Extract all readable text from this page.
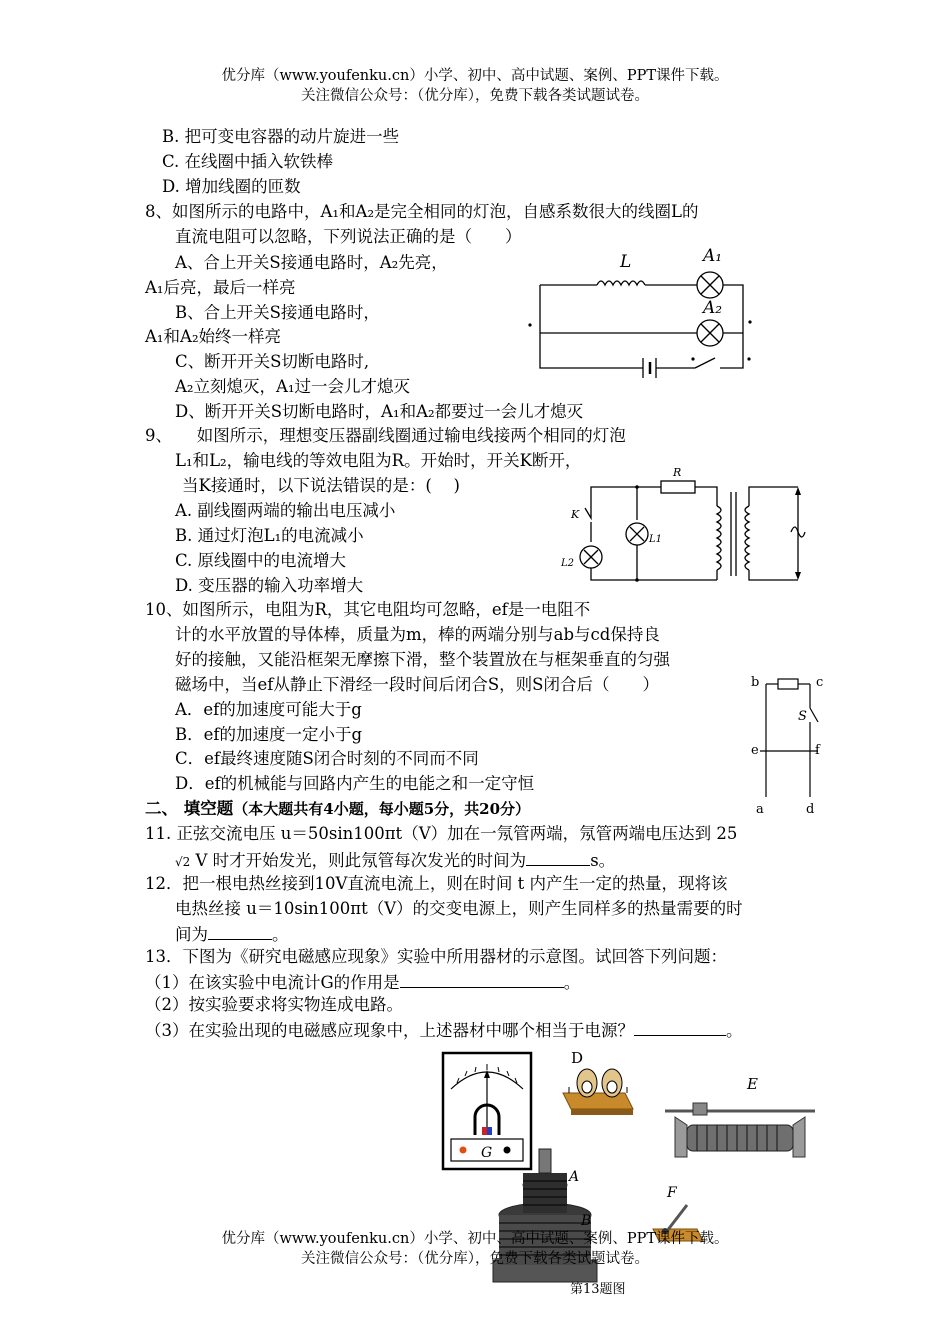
优分库（www.youfenku.cn）小学、初中、高中试题、案例、PPT课件下载。
关注微信公众号：（优分库），免费下载各类试题试卷。
B. 把可变电容器的动片旋进一些
C. 在线圈中插入软铁棒
D. 增加线圈的匝数
8、如图所示的电路中，A₁和A₂是完全相同的灯泡，自感系数很大的线圈L的
直流电阻可以忽略，下列说法正确的是（　　）
A、合上开关S接通电路时，A₂先亮，
A₁后亮，最后一样亮
B、合上开关S接通电路时，
A₁和A₂始终一样亮
C、断开开关S切断电路时,
A₂立刻熄灭，A₁过一会儿才熄灭
D、断开开关S切断电路时，A₁和A₂都要过一会儿才熄灭
L	A₁
A₂
9、　　如图所示，理想变压器副线圈通过输电线接两个相同的灯泡
L₁和L₂，输电线的等效电阻为R。开始时，开关K断开，
当K接通时，以下说法错误的是：(　 )
A. 副线圈两端的输出电压减小
B. 通过灯泡L₁的电流减小
C. 原线圈中的电流增大
D. 变压器的输入功率增大
R
K
L1
L2
10、如图所示，电阻为R，其它电阻均可忽略，ef是一电阻不
计的水平放置的导体棒，质量为m，棒的两端分别与ab与cd保持良
好的接触，又能沿框架无摩擦下滑，整个装置放在与框架垂直的匀强
磁场中，当ef从静止下滑经一段时间后闭合S，则S闭合后（　　）
A．ef的加速度可能大于g
B．ef的加速度一定小于g
C．ef最终速度随S闭合时刻的不同而不同
D．ef的机械能与回路内产生的电能之和一定守恒
b	c
S
e	f
a	d
二、 填空题（本大题共有4小题，每小题5分，共20分）
11. 正弦交流电压 u＝50sin100πt（V）加在一氖管两端，氖管两端电压达到 25
√2 V 时才开始发光，则此氖管每次发光的时间为	s。
12．把一根电热丝接到10V直流电流上，则在时间 t 内产生一定的热量，现将该
电热丝接 u＝10sin100πt（V）的交变电源上，则产生同样多的热量需要的时
间为	。
13．下图为《研究电磁感应现象》实验中所用器材的示意图。试回答下列问题：
（1）在该实验中电流计G的作用是	。
（2）按实验要求将实物连成电路。
（3）在实验出现的电磁感应现象中，上述器材中哪个相当于电源？	。
G
D
E
A
B
F
优分库（www.youfenku.cn）小学、初中、高中试题、案例、PPT课件下载。
关注微信公众号：（优分库），免费下载各类试题试卷。
第13题图
